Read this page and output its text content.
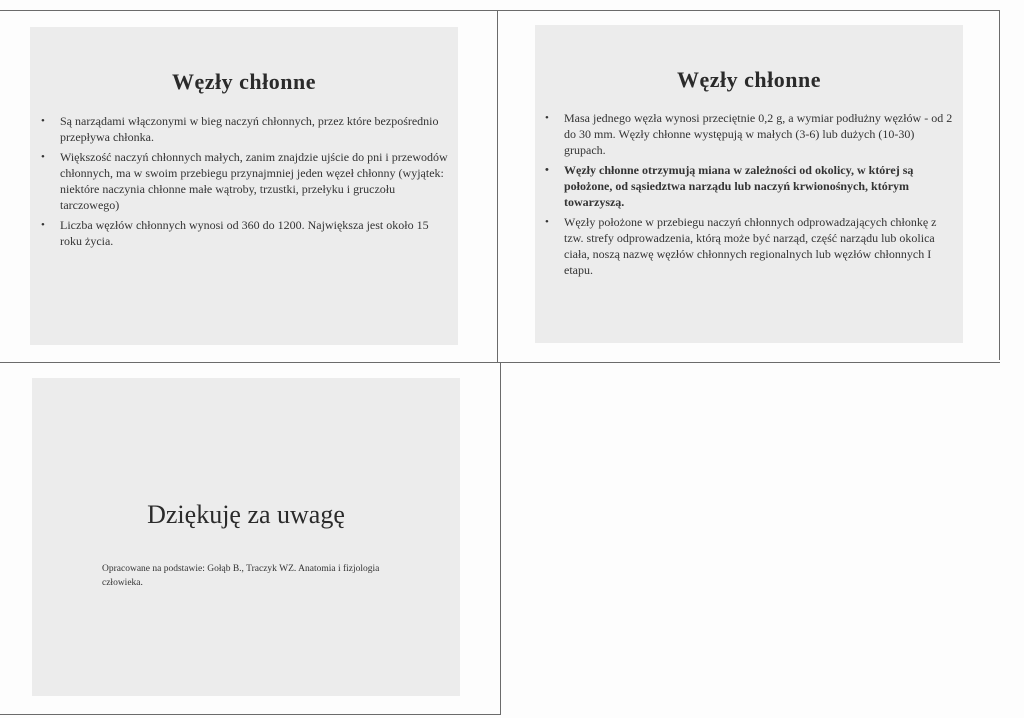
Węzły chłonne
• Są narządami włączonymi w bieg naczyń chłonnych, przez które bezpośrednio przepływa chłonka.
• Większość naczyń chłonnych małych, zanim znajdzie ujście do pni i przewodów chłonnych, ma w swoim przebiegu przynajmniej jeden węzeł chłonny (wyjątek: niektóre naczynia chłonne małe wątroby, trzustki, przełyku i gruczołu tarczowego)
• Liczba węzłów chłonnych wynosi od 360 do 1200. Największa jest około 15 roku życia.
Węzły chłonne
• Masa jednego węzła wynosi przeciętnie 0,2 g, a wymiar podłużny węzłów - od 2 do 30 mm. Węzły chłonne występują w małych (3-6) lub dużych (10-30) grupach.
• Węzły chłonne otrzymują miana w zależności od okolicy, w której są położone, od sąsiedztwa narządu lub naczyń krwionośnych, którym towarzyszą.
• Węzły położone w przebiegu naczyń chłonnych odprowadzających chłonkę z tzw. strefy odprowadzenia, którą może być narząd, część narządu lub okolica ciała, noszą nazwę węzłów chłonnych regionalnych lub węzłów chłonnych I etapu.
Dziękuję za uwagę
Opracowane na podstawie: Gołąb B., Traczyk WZ. Anatomia i fizjologia człowieka.
